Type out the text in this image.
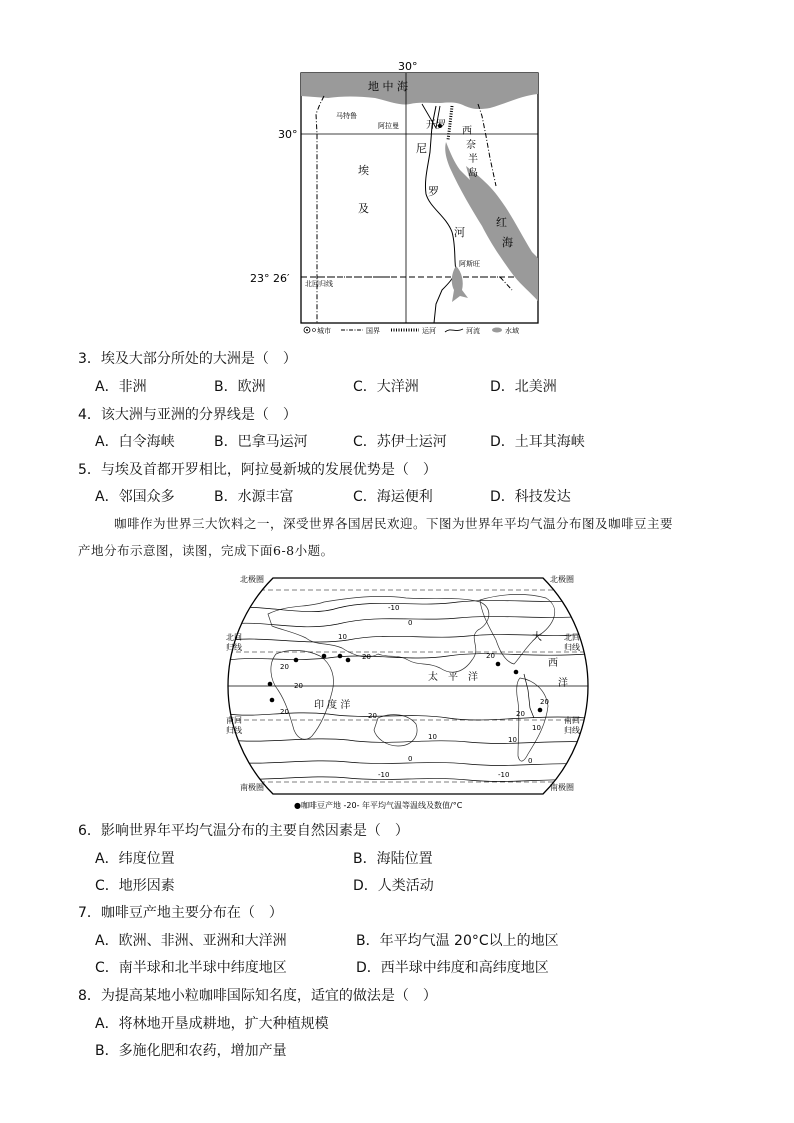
30°
地 中 海
30°
23° 26′ 北回归线
红
海
马特鲁
阿拉曼	开罗
阿斯旺
西
奈
半
岛
埃
及
尼
罗
河
城市	国界	运河	河流	水域
3．埃及大部分所处的大洲是（　）
A．非洲	B．欧洲	C．大洋洲	D．北美洲
4．该大洲与亚洲的分界线是（　）
A．白令海峡	B．巴拿马运河	C．苏伊士运河	D．土耳其海峡
5．与埃及首都开罗相比，阿拉曼新城的发展优势是（　）
A．邻国众多	B．水源丰富	C．海运便利	D．科技发达
咖啡作为世界三大饮料之一，深受世界各国居民欢迎。下图为世界年平均气温分布图及咖啡豆主要
产地分布示意图，读图，完成下面6-8小题。
-10
0
10
20
20
20
10
0
-10
20	20
10
0
-10
20
20
20
10
太　平　洋
印 度 洋
大
西
洋
北极圈
北回
归线
南回
归线
南极圈
北极圈
北回
归线
南回
归线
南极圈
●咖啡豆产地 -20- 年平均气温等温线及数值/°C
6．影响世界年平均气温分布的主要自然因素是（　）
A．纬度位置	B．海陆位置
C．地形因素	D．人类活动
7．咖啡豆产地主要分布在（　）
A．欧洲、非洲、亚洲和大洋洲	B．年平均气温 20°C以上的地区
C．南半球和北半球中纬度地区	D．西半球中纬度和高纬度地区
8．为提高某地小粒咖啡国际知名度，适宜的做法是（　）
A．将林地开垦成耕地，扩大种植规模
B．多施化肥和农药，增加产量
